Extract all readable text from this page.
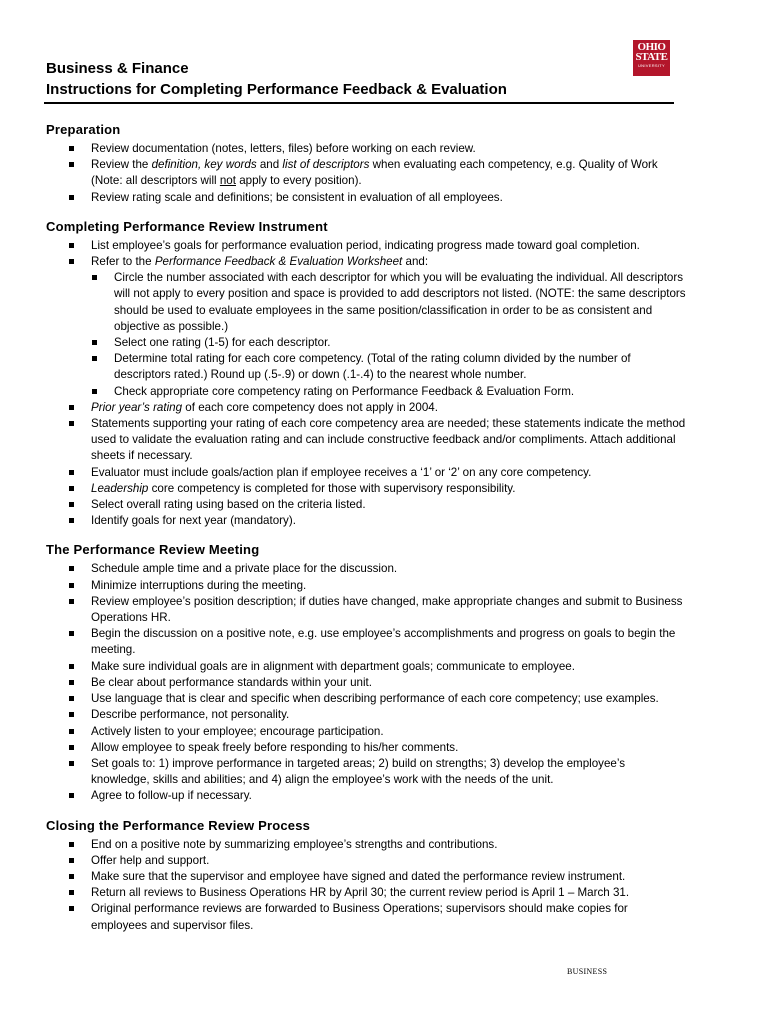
OHIO
STATE
UNIVERSITY
Business & Finance
Instructions for Completing Performance Feedback & Evaluation
Preparation
Review documentation (notes, letters, files) before working on each review.
Review the definition, key words and list of descriptors when evaluating each competency, e.g. Quality of Work (Note: all descriptors will not apply to every position).
Review rating scale and definitions; be consistent in evaluation of all employees.
Completing Performance Review Instrument
List employee’s goals for performance evaluation period, indicating progress made toward goal completion.
Refer to the Performance Feedback & Evaluation Worksheet and:
Circle the number associated with each descriptor for which you will be evaluating the individual. All descriptors will not apply to every position and space is provided to add descriptors not listed. (NOTE: the same descriptors should be used to evaluate employees in the same position/classification in order to be as consistent and objective as possible.)
Select one rating (1-5) for each descriptor.
Determine total rating for each core competency. (Total of the rating column divided by the number of descriptors rated.) Round up (.5-.9) or down (.1-.4) to the nearest whole number.
Check appropriate core competency rating on Performance Feedback & Evaluation Form.
Prior year’s rating of each core competency does not apply in 2004.
Statements supporting your rating of each core competency area are needed; these statements indicate the method used to validate the evaluation rating and can include constructive feedback and/or compliments. Attach additional sheets if necessary.
Evaluator must include goals/action plan if employee receives a ‘1’ or ‘2’ on any core competency.
Leadership core competency is completed for those with supervisory responsibility.
Select overall rating using based on the criteria listed.
Identify goals for next year (mandatory).
The Performance Review Meeting
Schedule ample time and a private place for the discussion.
Minimize interruptions during the meeting.
Review employee’s position description; if duties have changed, make appropriate changes and submit to Business Operations HR.
Begin the discussion on a positive note, e.g. use employee’s accomplishments and progress on goals to begin the meeting.
Make sure individual goals are in alignment with department goals; communicate to employee.
Be clear about performance standards within your unit.
Use language that is clear and specific when describing performance of each core competency; use examples.
Describe performance, not personality.
Actively listen to your employee; encourage participation.
Allow employee to speak freely before responding to his/her comments.
Set goals to: 1) improve performance in targeted areas; 2) build on strengths; 3) develop the employee’s knowledge, skills and abilities; and 4) align the employee’s work with the needs of the unit.
Agree to follow-up if necessary.
Closing the Performance Review Process
End on a positive note by summarizing employee’s strengths and contributions.
Offer help and support.
Make sure that the supervisor and employee have signed and dated the performance review instrument.
Return all reviews to Business Operations HR by April 30; the current review period is April 1 – March 31.
Original performance reviews are forwarded to Business Operations; supervisors should make copies for employees and supervisor files.
BUSINESS
